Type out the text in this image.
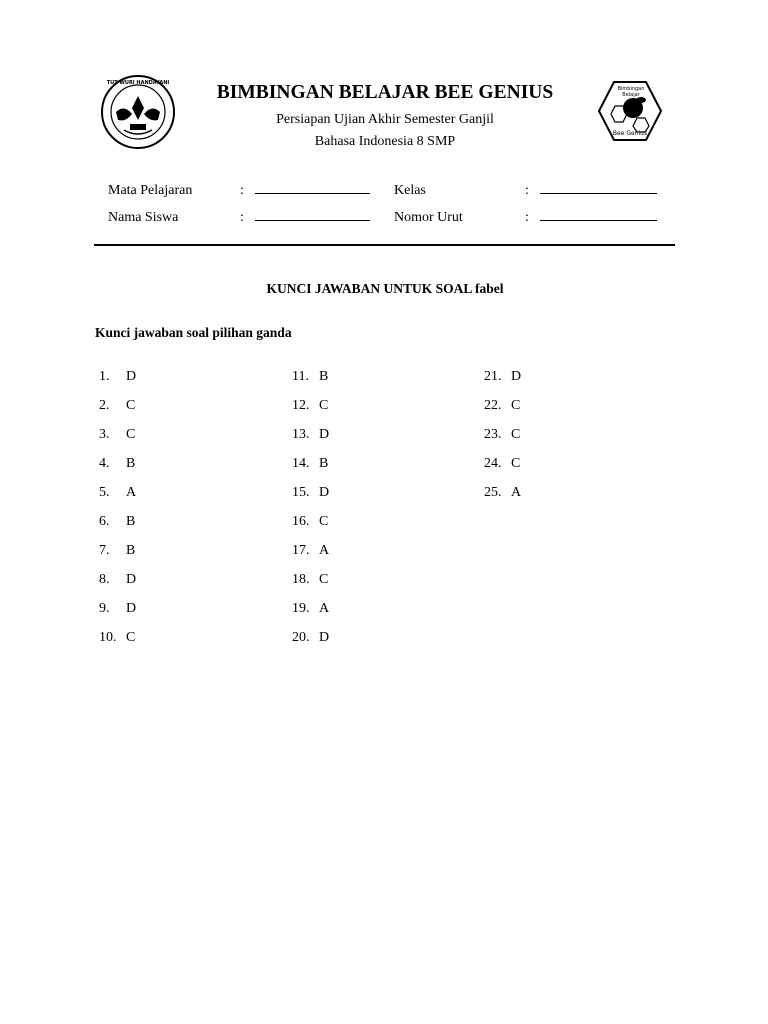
TUT WURI HANDAYANI	BIMBINGAN BELAJAR BEE GENIUS
Persiapan Ujian Akhir Semester Ganjil
Bahasa Indonesia 8 SMP
Bimbingan Belajar
Bee Genius
Mata Pelajaran	:	Kelas	:
Nama Siswa	:	Nomor Urut	:
KUNCI JAWABAN UNTUK SOAL fabel
Kunci jawaban soal pilihan ganda
1. D
2. C
3. C
4. B
5. A
6. B
7. B
8. D
9. D
10. C
11. B
12. C
13. D
14. B
15. D
16. C
17. A
18. C
19. A
20. D
21. D
22. C
23. C
24. C
25. A
